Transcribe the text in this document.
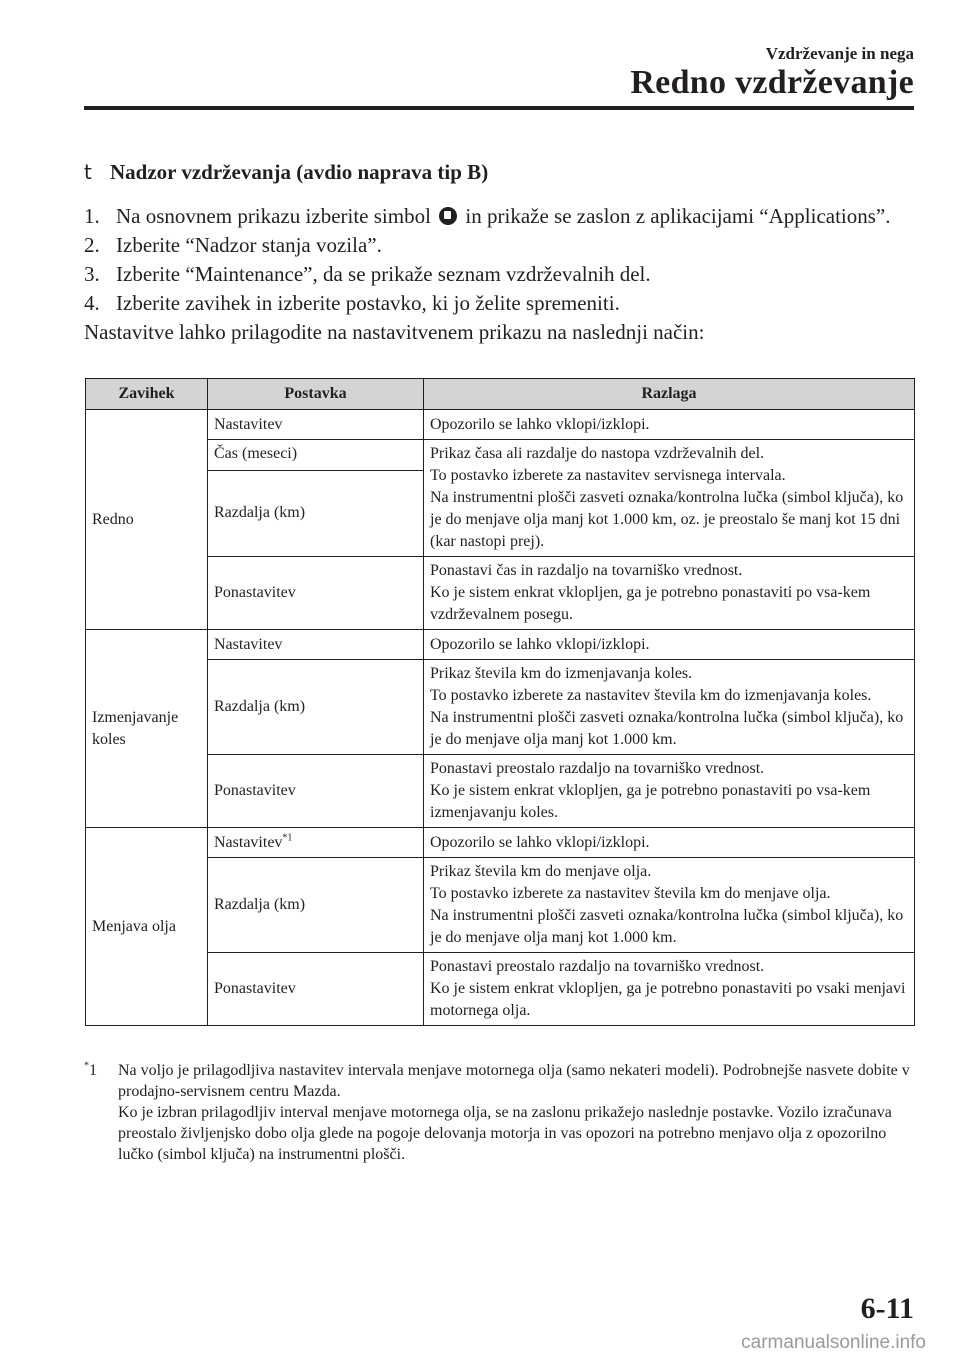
Vzdrževanje in nega
Redno vzdrževanje
t Nadzor vzdrževanja (avdio naprava tip B)
1. Na osnovnem prikazu izberite simbol in prikaže se zaslon z aplikacijami “Applications”.
2. Izberite “Nadzor stanja vozila”.
3. Izberite “Maintenance”, da se prikaže seznam vzdrževalnih del.
4. Izberite zavihek in izberite postavko, ki jo želite spremeniti.
Nastavitve lahko prilagodite na nastavitvenem prikazu na naslednji način:
Zavihek	Postavka	Razlaga
Redno	Nastavitev	Opozorilo se lahko vklopi/izklopi.
	Čas (meseci)	Prikaz časa ali razdalje do nastopa vzdrževalnih del.
To postavko izberete za nastavitev servisnega intervala.
Na instrumentni plošči zasveti oznaka/kontrolna lučka (simbol ključa), ko je do menjave olja manj kot 1.000 km, oz. je preostalo še manj kot 15 dni (kar nastopi prej).

	Razdalja (km)	
	Ponastavitev	Ponastavi čas in razdaljo na tovarniško vrednost.
Ko je sistem enkrat vklopljen, ga je potrebno ponastaviti po vsa-kem vzdrževalnem posegu.

Izmenjavanje koles	Nastavitev	Opozorilo se lahko vklopi/izklopi.
	Razdalja (km)	Prikaz števila km do izmenjavanja koles.
To postavko izberete za nastavitev števila km do izmenjavanja koles.
Na instrumentni plošči zasveti oznaka/kontrolna lučka (simbol ključa), ko je do menjave olja manj kot 1.000 km.

	Ponastavitev	Ponastavi preostalo razdaljo na tovarniško vrednost.
Ko je sistem enkrat vklopljen, ga je potrebno ponastaviti po vsa-kem izmenjavanju koles.

Menjava olja	Nastavitev$^{*1}$	Opozorilo se lahko vklopi/izklopi.
	Razdalja (km)	Prikaz števila km do menjave olja.
To postavko izberete za nastavitev števila km do menjave olja.
Na instrumentni plošči zasveti oznaka/kontrolna lučka (simbol ključa), ko je do menjave olja manj kot 1.000 km.

	Ponastavitev	Ponastavi preostalo razdaljo na tovarniško vrednost.
Ko je sistem enkrat vklopljen, ga je potrebno ponastaviti po vsaki menjavi motornega olja.
*1	Na voljo je prilagodljiva nastavitev intervala menjave motornega olja (samo nekateri modeli). Podrobnejše nasvete dobite v prodajno-servisnem centru Mazda.
Ko je izbran prilagodljiv interval menjave motornega olja, se na zaslonu prikažejo naslednje postavke. Vozilo izračunava preostalo življenjsko dobo olja glede na pogoje delovanja motorja in vas opozori na potrebno menjavo olja z opozorilno lučko (simbol ključa) na instrumentni plošči.
6-11
carmanualsonline.info
